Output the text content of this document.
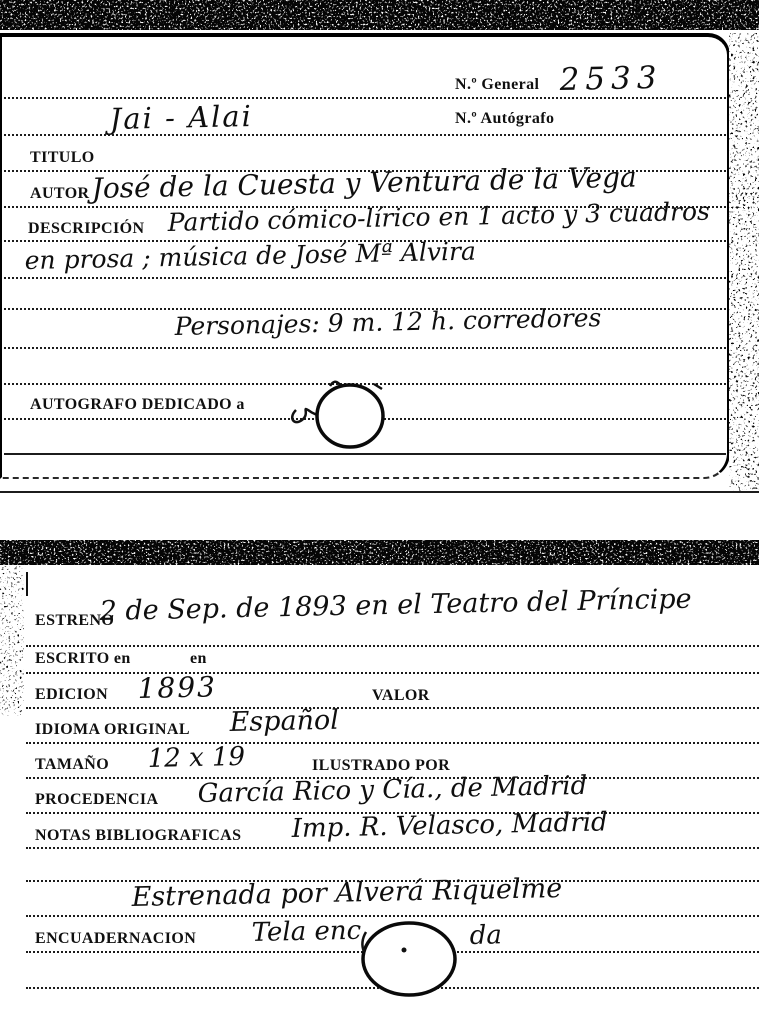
N.º General 2533
N.º Autógrafo
Jai - Alai
TITULO
AUTOR José de la Cuesta y Ventura de la Vega
DESCRIPCIÓN Partido cómico-lírico en 1 acto y 3 cuadros
en prosa ; música de José Mª Alvira
Personajes: 9 m. 12 h. corredores
AUTOGRAFO DEDICADO a
ESTRENO
2 de Sep. de 1893 en el Teatro del Príncipe
ESCRITO en	en
EDICION 1893	VALOR
IDIOMA ORIGINAL Español
TAMAÑO 12 x 19	ILUSTRADO POR
PROCEDENCIA García Rico y Cía., de Madrid
NOTAS BIBLIOGRAFICAS Imp. R. Velasco, Madrid
Estrenada por Alverá Riquelme
ENCUADERNACION Tela enc	da
